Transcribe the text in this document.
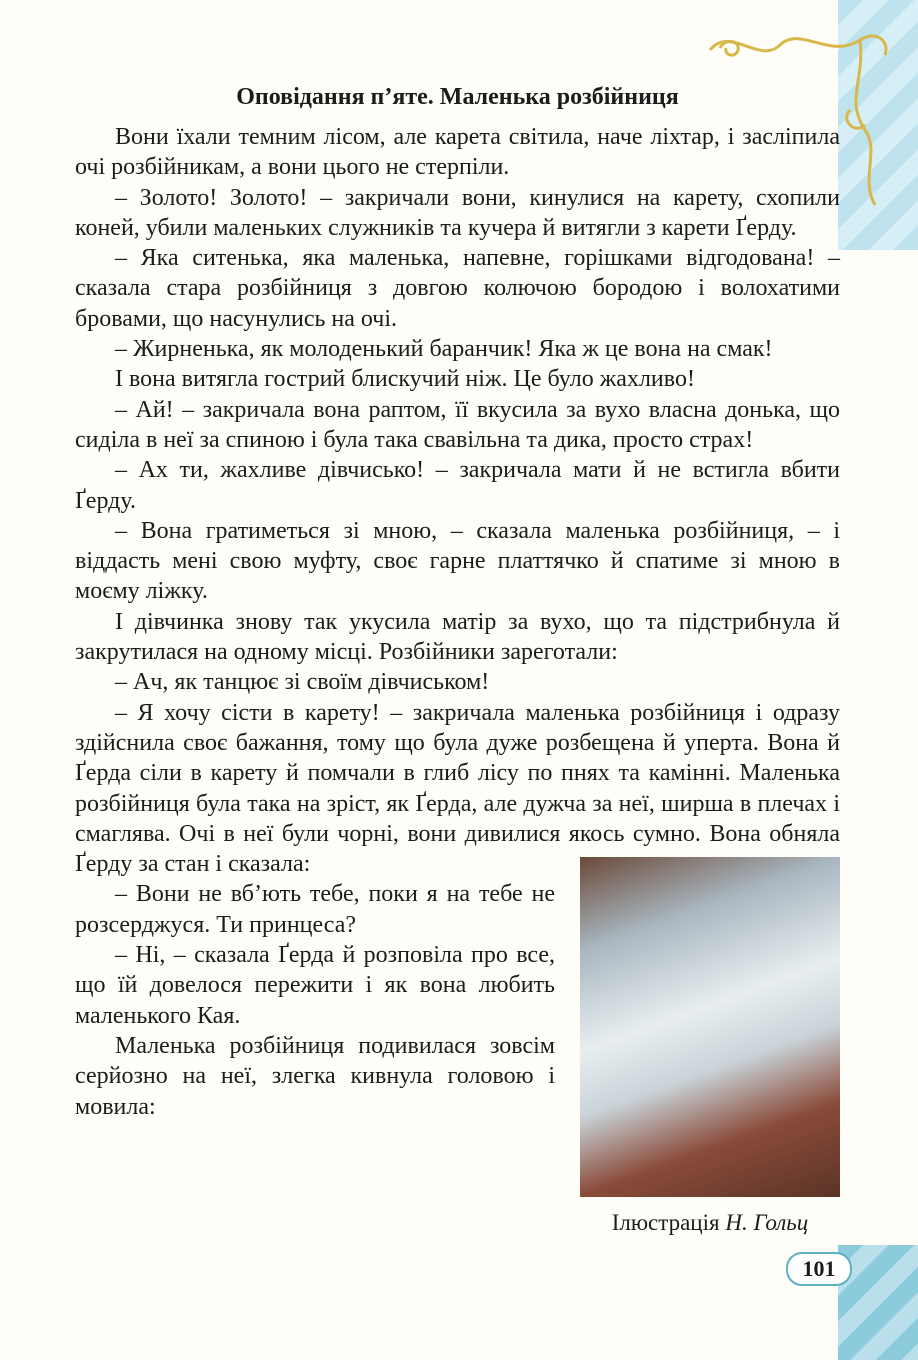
Оповідання п’яте. Маленька розбійниця

Вони їхали темним лісом, але карета світила, наче ліхтар, і засліпила очі розбійникам, а вони цього не стерпіли.

– Золото! Золото! – закричали вони, кинулися на карету, схопили коней, убили маленьких служників та кучера й витягли з карети Ґерду.

– Яка ситенька, яка маленька, напевне, горішками відгодована! – сказала стара розбійниця з довгою колючою бородою і волохатими бровами, що насунулись на очі.

– Жирненька, як молоденький баранчик! Яка ж це вона на смак!

І вона витягла гострий блискучий ніж. Це було жахливо!

– Ай! – закричала вона раптом, її вкусила за вухо власна донька, що сиділа в неї за спиною і була така свавільна та дика, просто страх!

– Ах ти, жахливе дівчисько! – закричала мати й не встигла вбити Ґерду.

– Вона гратиметься зі мною, – сказала маленька розбійниця, – і віддасть мені свою муфту, своє гарне платтячко й спатиме зі мною в моєму ліжку.

І дівчинка знову так укусила матір за вухо, що та підстрибнула й закрутилася на одному місці. Розбійники зареготали:

– Ач, як танцює зі своїм дівчиськом!

– Я хочу сісти в карету! – закричала маленька розбійниця і одразу здійснила своє бажання, тому що була дуже розбещена й уперта. Вона й Ґерда сіли в карету й помчали в глиб лісу по пнях та камінні. Маленька розбійниця була така на зріст, як Ґерда, але дужча за неї, ширша в плечах і смаглява. Очі в неї були чорні, вони дивилися якось сумно. Вона обняла Ґерду за стан і сказала:

– Вони не вб’ють тебе, поки я на тебе не розсерджуся. Ти принцеса?

– Ні, – сказала Ґерда й розповіла про все, що їй довелося пережити і як вона любить маленького Кая.

Маленька розбійниця подивилася зовсім серйозно на неї, злегка кивнула головою і мовила:

Ілюстрація Н. Гольц
101
